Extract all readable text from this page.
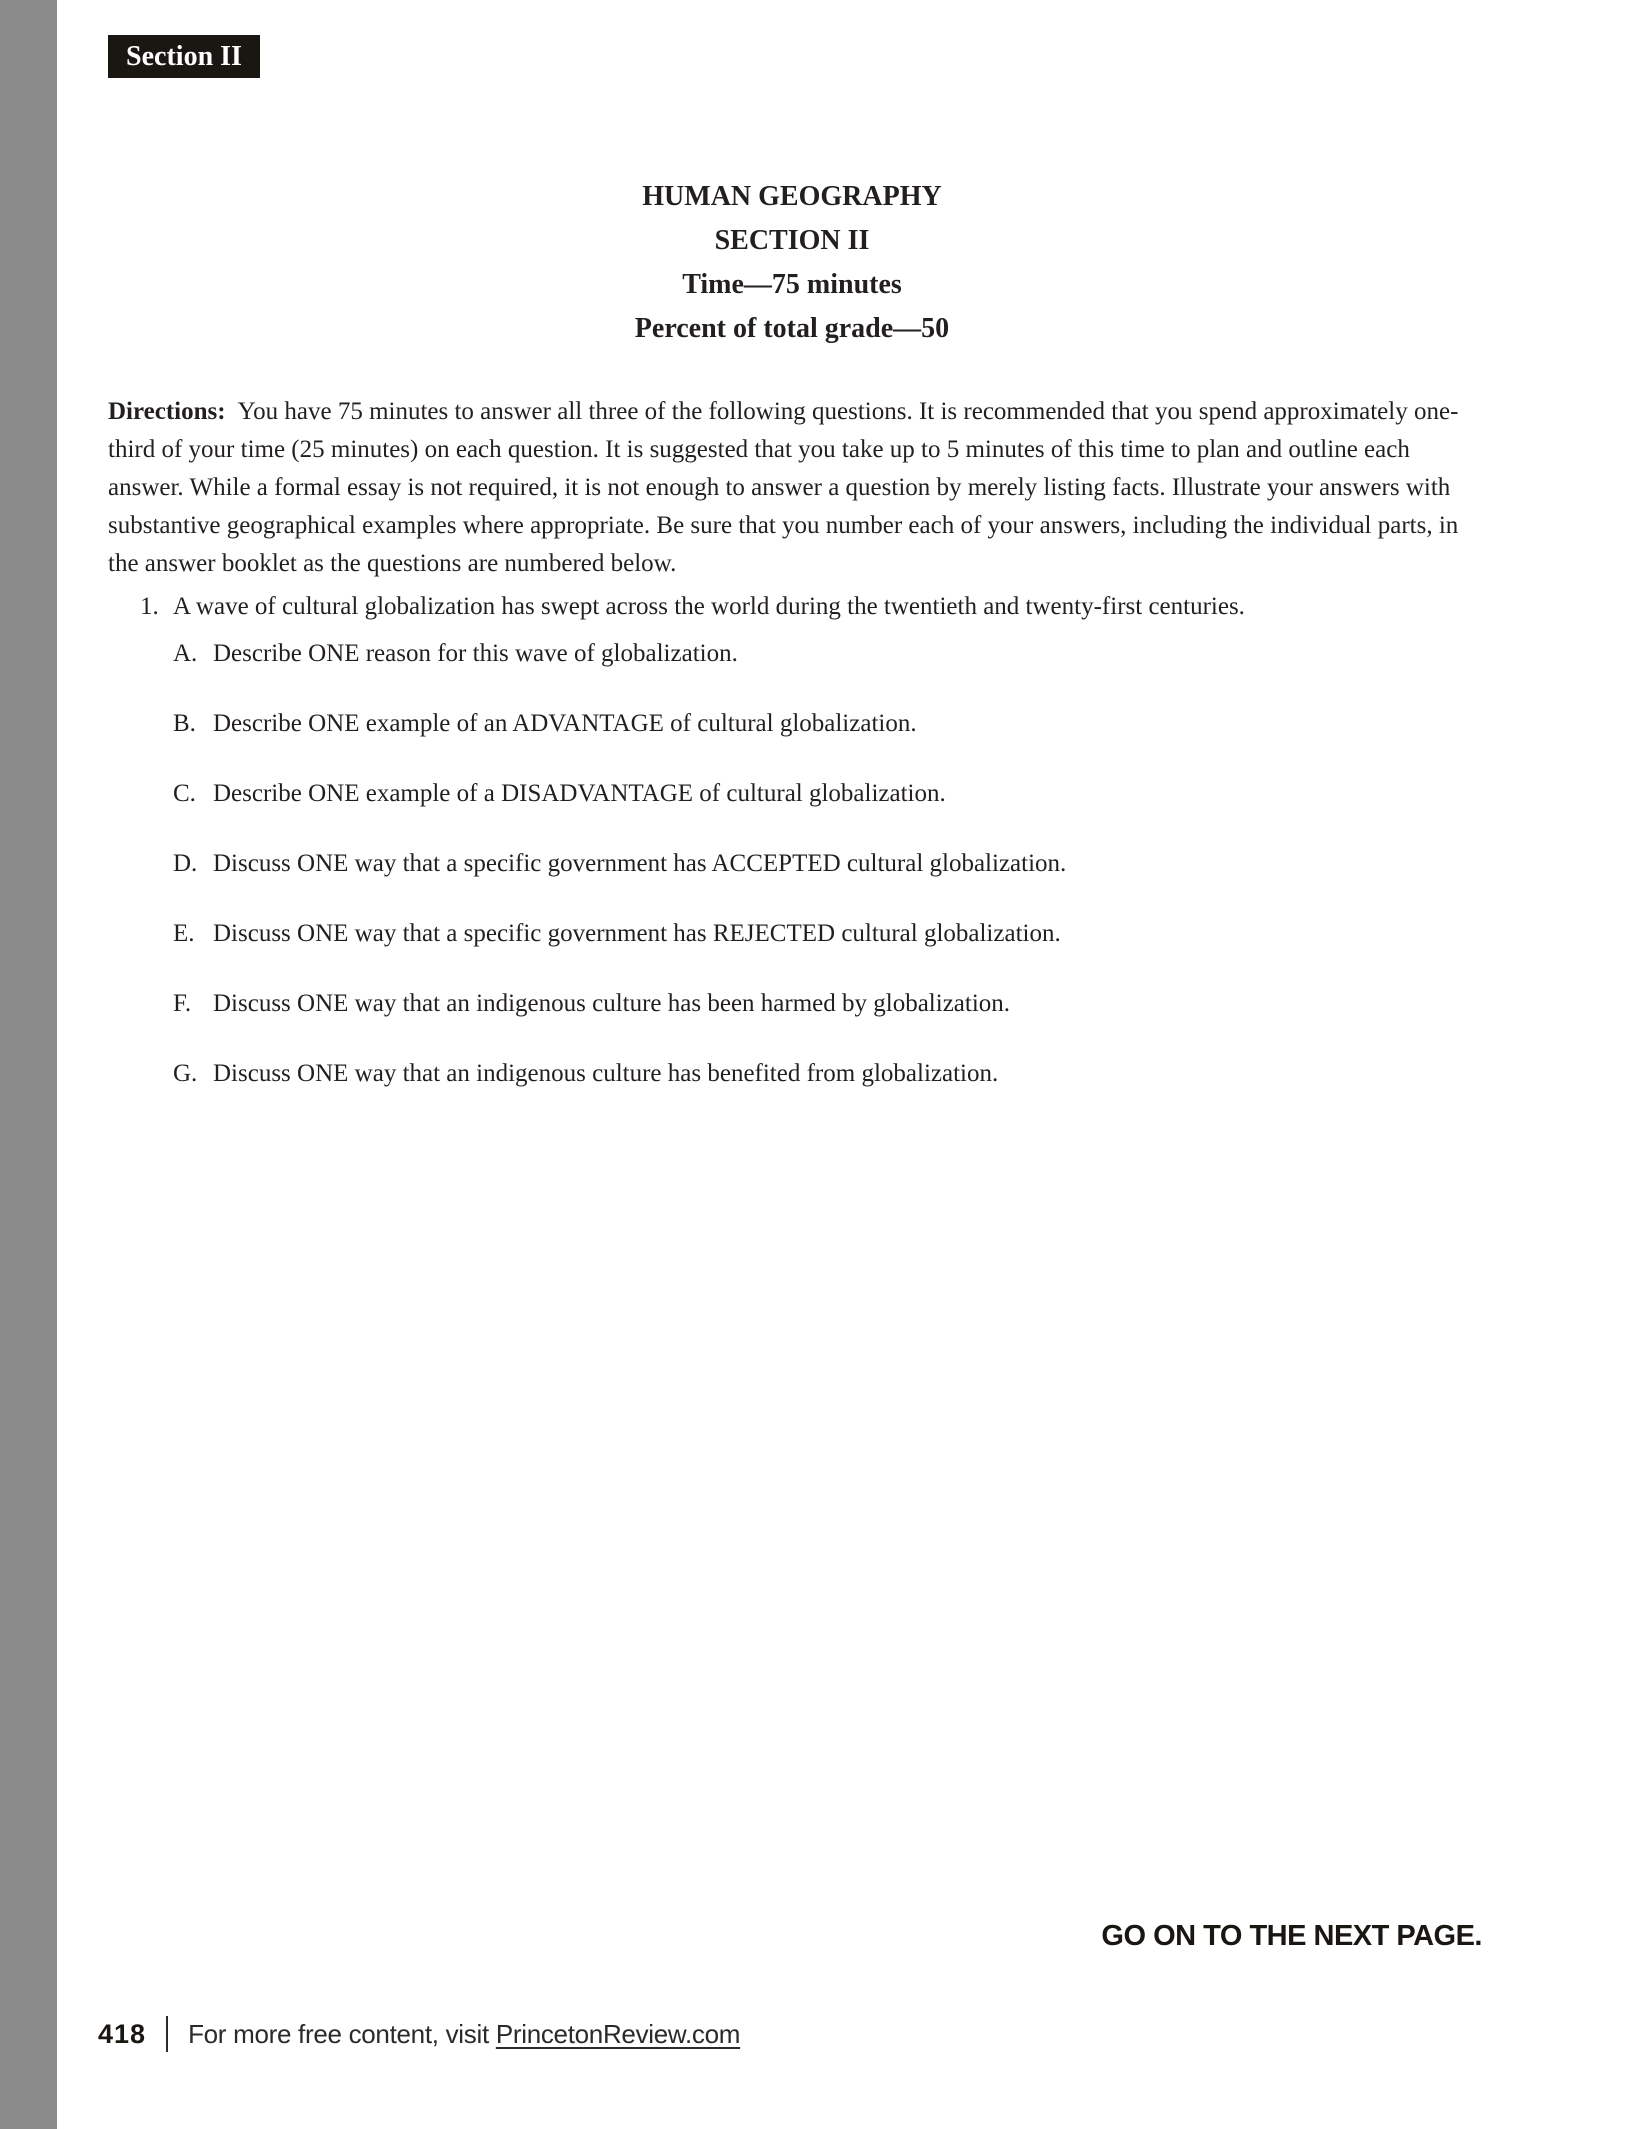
Section II
HUMAN GEOGRAPHY
SECTION II
Time—75 minutes
Percent of total grade—50
Directions: You have 75 minutes to answer all three of the following questions. It is recommended that you spend approximately one-third of your time (25 minutes) on each question. It is suggested that you take up to 5 minutes of this time to plan and outline each answer. While a formal essay is not required, it is not enough to answer a question by merely listing facts. Illustrate your answers with substantive geographical examples where appropriate. Be sure that you number each of your answers, including the individual parts, in the answer booklet as the questions are numbered below.
1. A wave of cultural globalization has swept across the world during the twentieth and twenty-first centuries.
A. Describe ONE reason for this wave of globalization.
B. Describe ONE example of an ADVANTAGE of cultural globalization.
C. Describe ONE example of a DISADVANTAGE of cultural globalization.
D. Discuss ONE way that a specific government has ACCEPTED cultural globalization.
E. Discuss ONE way that a specific government has REJECTED cultural globalization.
F. Discuss ONE way that an indigenous culture has been harmed by globalization.
G. Discuss ONE way that an indigenous culture has benefited from globalization.
GO ON TO THE NEXT PAGE.
418 For more free content, visit PrincetonReview.com
